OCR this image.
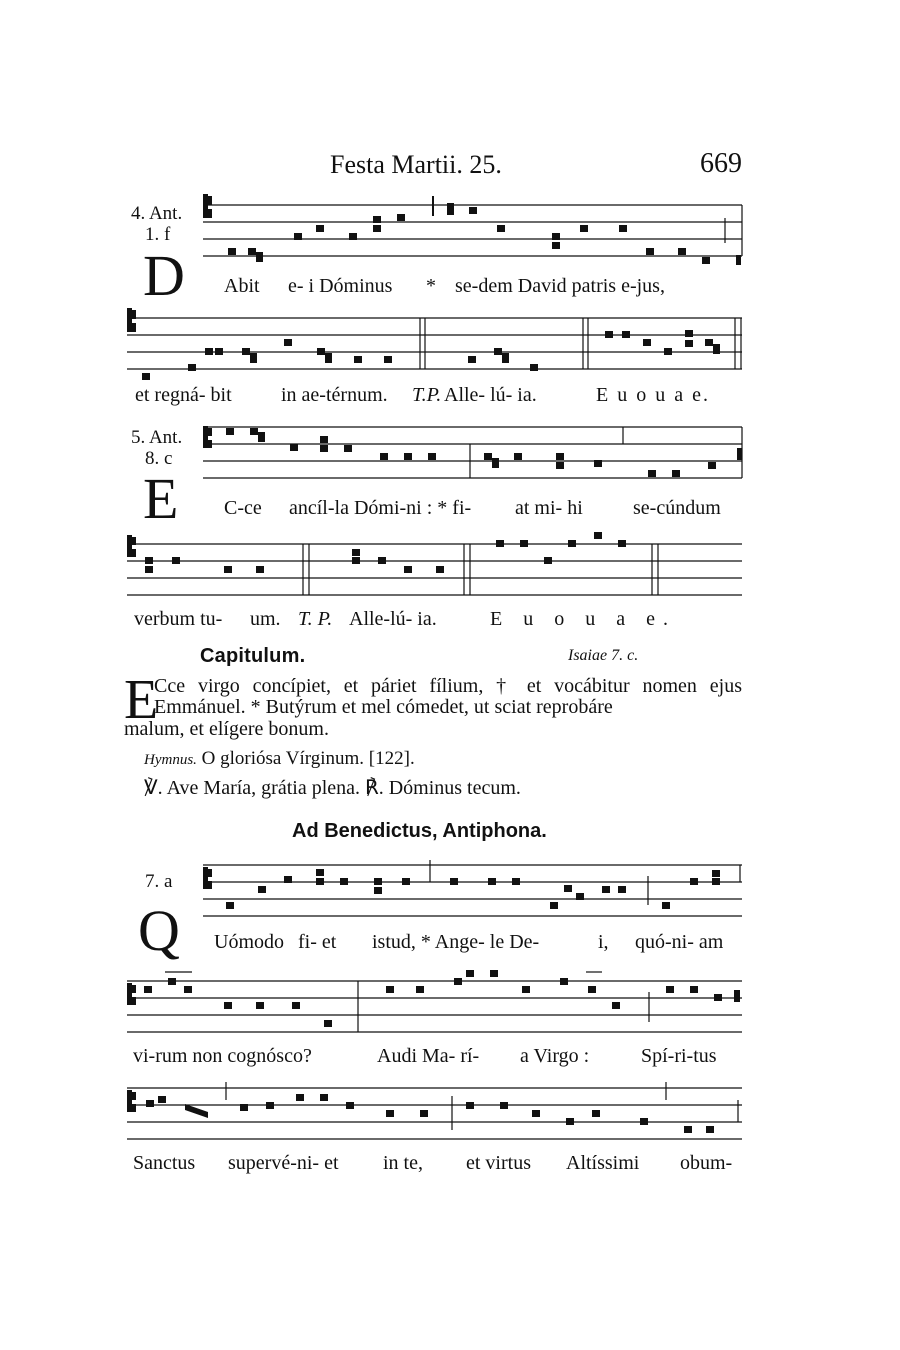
Festa Martii. 25.	669
4. Ant.
1. f
D Abit e- i Dóminus * se-dem David patris e-jus,
et regná- bit in ae-térnum. T.P. Alle- lú- ia.	E u o u a e.
5. Ant.
8. c
E C-ce ancíl-la Dómi-ni : * fi- at mi- hi	se-cúndum
verbum tu- um. T. P. Alle-lú- ia.	E u o u a e.
Capitulum.	Isaiae 7. c.
E
Cce virgo concípiet, et páriet fílium, † et vocábitur nomen ejus Emmánuel. * Butýrum et mel cómedet, ut sciat reprobáre
malum, et elígere bonum.
Hymnus. O gloriósa Vírginum. [122].
℣. Ave María, grátia plena. ℟. Dóminus tecum.
Ad Benedictus, Antiphona.
7. a
Q Uómodo fi- et istud, * Ange- le De-	i, quó-ni- am
vi-rum non cognósco?	Audi Ma- rí- a Virgo :	Spí-ri-tus
Sanctus supervé-ni- et in te, et virtus Altíssimi obum-
